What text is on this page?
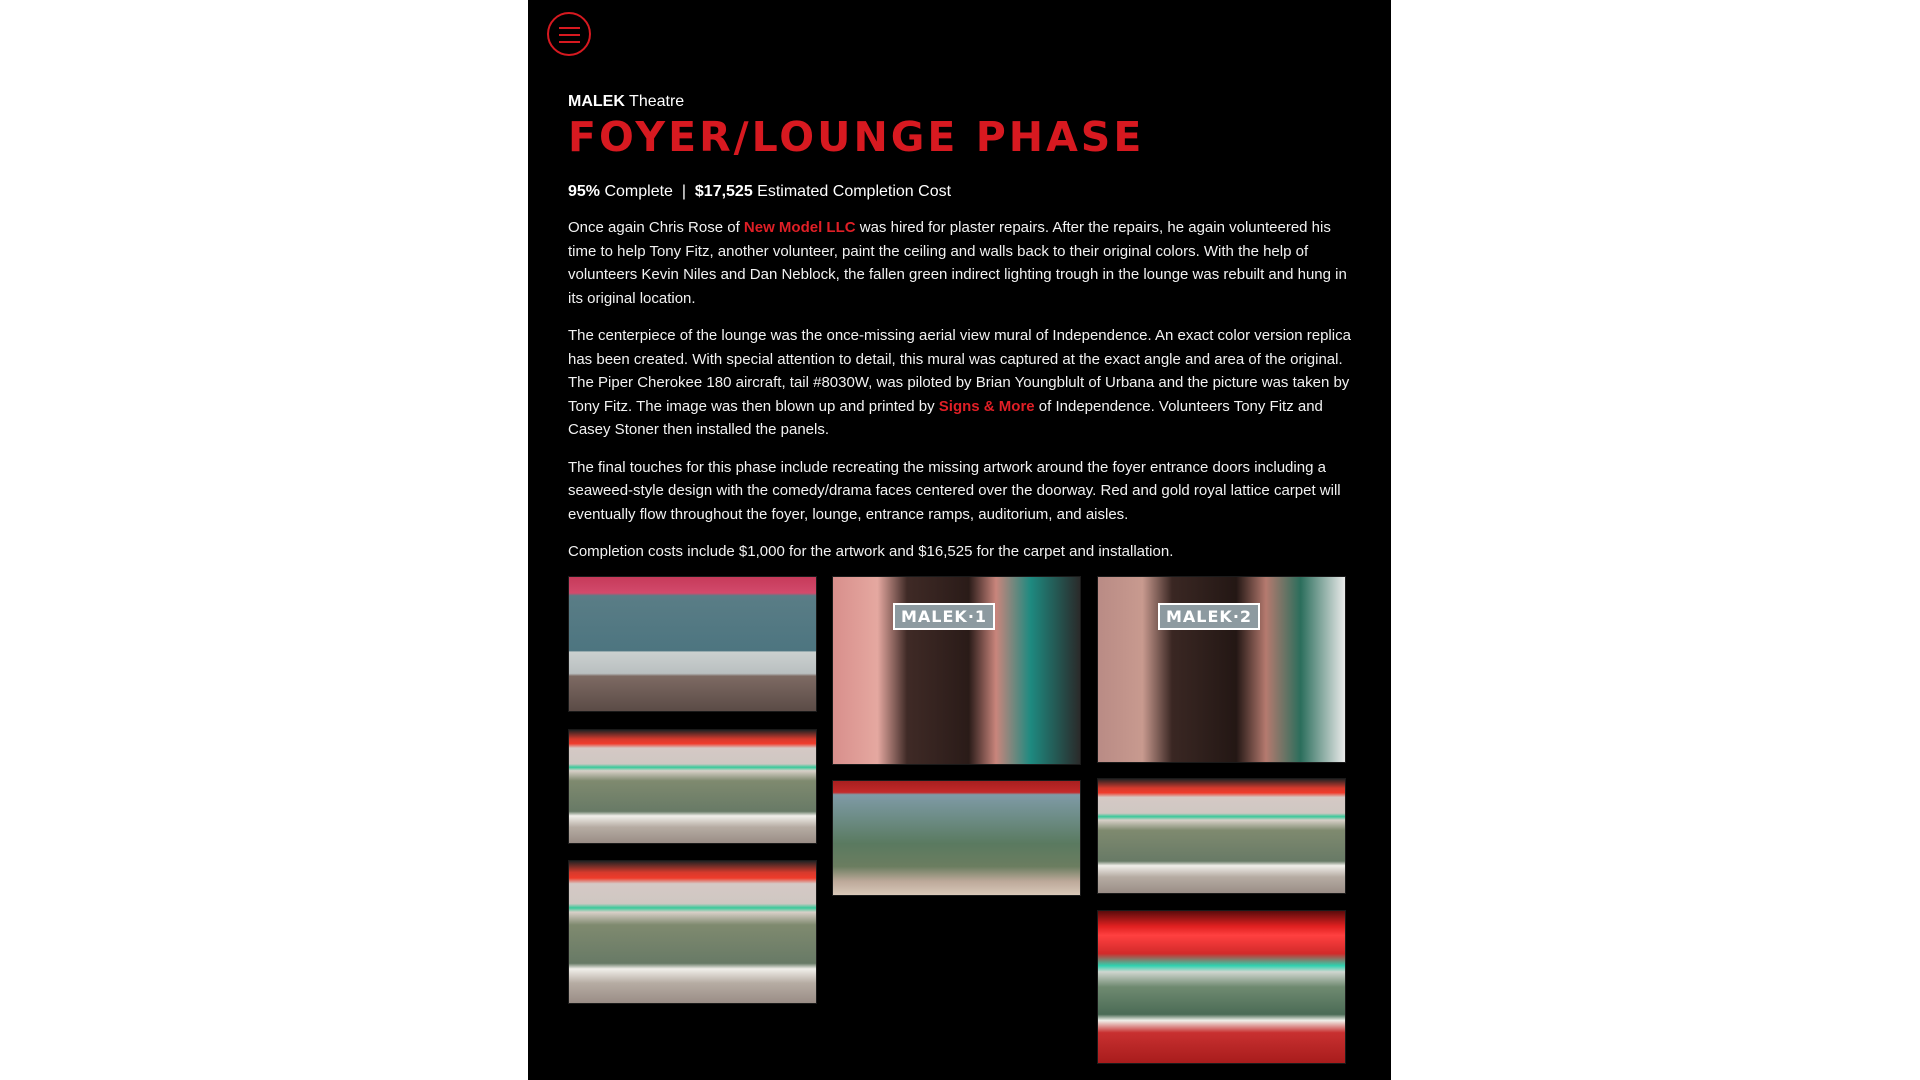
MALEK Theatre
FOYER/LOUNGE PHASE
95% Complete | $17,525 Estimated Completion Cost

Once again Chris Rose of New Model LLC was hired for plaster repairs. After the repairs, he again volunteered his time to help Tony Fitz, another volunteer, paint the ceiling and walls back to their original colors. With the help of volunteers Kevin Niles and Dan Neblock, the fallen green indirect lighting trough in the lounge was rebuilt and hung in its original location.

The centerpiece of the lounge was the once-missing aerial view mural of Independence. An exact color version replica has been created. With special attention to detail, this mural was captured at the exact angle and area of the original. The Piper Cherokee 180 aircraft, tail #8030W, was piloted by Brian Youngblult of Urbana and the picture was taken by Tony Fitz. The image was then blown up and printed by Signs & More of Independence. Volunteers Tony Fitz and Casey Stoner then installed the panels.

The final touches for this phase include recreating the missing artwork around the foyer entrance doors including a seaweed-style design with the comedy/drama faces centered over the doorway. Red and gold royal lattice carpet will eventually flow throughout the foyer, lounge, entrance ramps, auditorium, and aisles.

Completion costs include $1,000 for the artwork and $16,525 for the carpet and installation.

MALEK·1	MALEK·2
